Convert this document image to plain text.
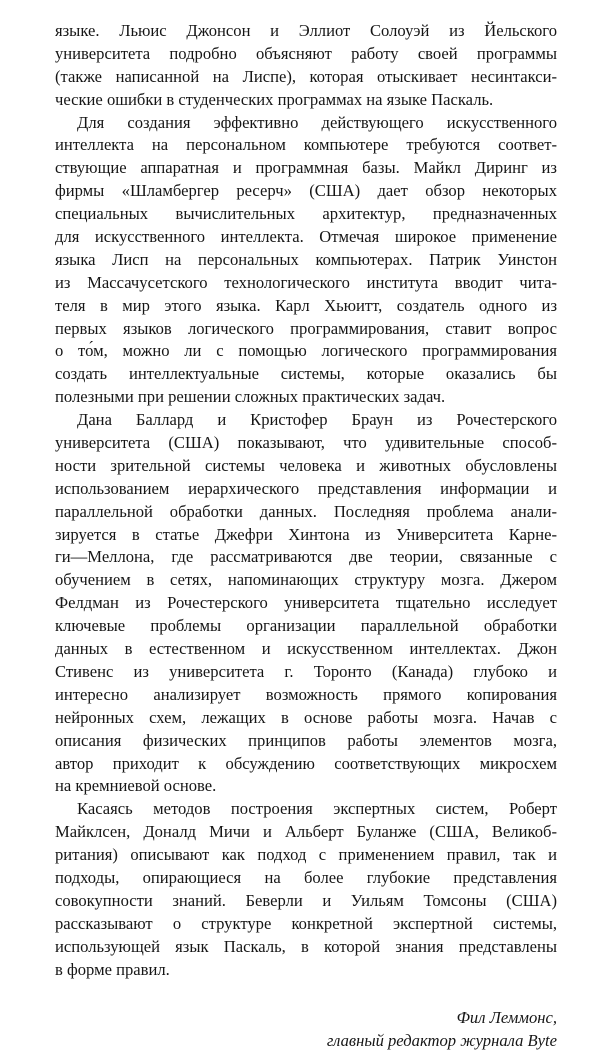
языке. Льюис Джонсон и Эллиот Солоуэй из Йельского
университета подробно объясняют работу своей программы
(также написанной на Лиспе), которая отыскивает несинтакси-
ческие ошибки в студенческих программах на языке Паскаль.
Для создания эффективно действующего искусственного
интеллекта на персональном компьютере требуются соответ-
ствующие аппаратная и программная базы. Майкл Диринг из
фирмы «Шламбергер ресерч» (США) дает обзор некоторых
специальных вычислительных архитектур, предназначенных
для искусственного интеллекта. Отмечая широкое применение
языка Лисп на персональных компьютерах. Патрик Уинстон
из Массачусетского технологического института вводит чита-
теля в мир этого языка. Карл Хьюитт, создатель одного из
первых языков логического программирования, ставит вопрос
о то́м, можно ли с помощью логического программирования
создать интеллектуальные системы, которые оказались бы
полезными при решении сложных практических задач.
Дана Баллард и Кристофер Браун из Рочестерского
университета (США) показывают, что удивительные способ-
ности зрительной системы человека и животных обусловлены
использованием иерархического представления информации и
параллельной обработки данных. Последняя проблема анали-
зируется в статье Джефри Хинтона из Университета Карне-
ги—Меллона, где рассматриваются две теории, связанные с
обучением в сетях, напоминающих структуру мозга. Джером
Фелдман из Рочестерского университета тщательно исследует
ключевые проблемы организации параллельной обработки
данных в естественном и искусственном интеллектах. Джон
Стивенс из университета г. Торонто (Канада) глубоко и
интересно анализирует возможность прямого копирования
нейронных схем, лежащих в основе работы мозга. Начав с
описания физических принципов работы элементов мозга,
автор приходит к обсуждению соответствующих микросхем
на кремниевой основе.
Касаясь методов построения экспертных систем, Роберт
Майклсен, Доналд Мичи и Альберт Буланже (США, Великоб-
ритания) описывают как подход с применением правил, так и
подходы, опирающиеся на более глубокие представления
совокупности знаний. Беверли и Уильям Томсоны (США)
рассказывают о структуре конкретной экспертной системы,
использующей язык Паскаль, в которой знания представлены
в форме правил.
Фил Леммонс,
главный редактор журнала Byte
